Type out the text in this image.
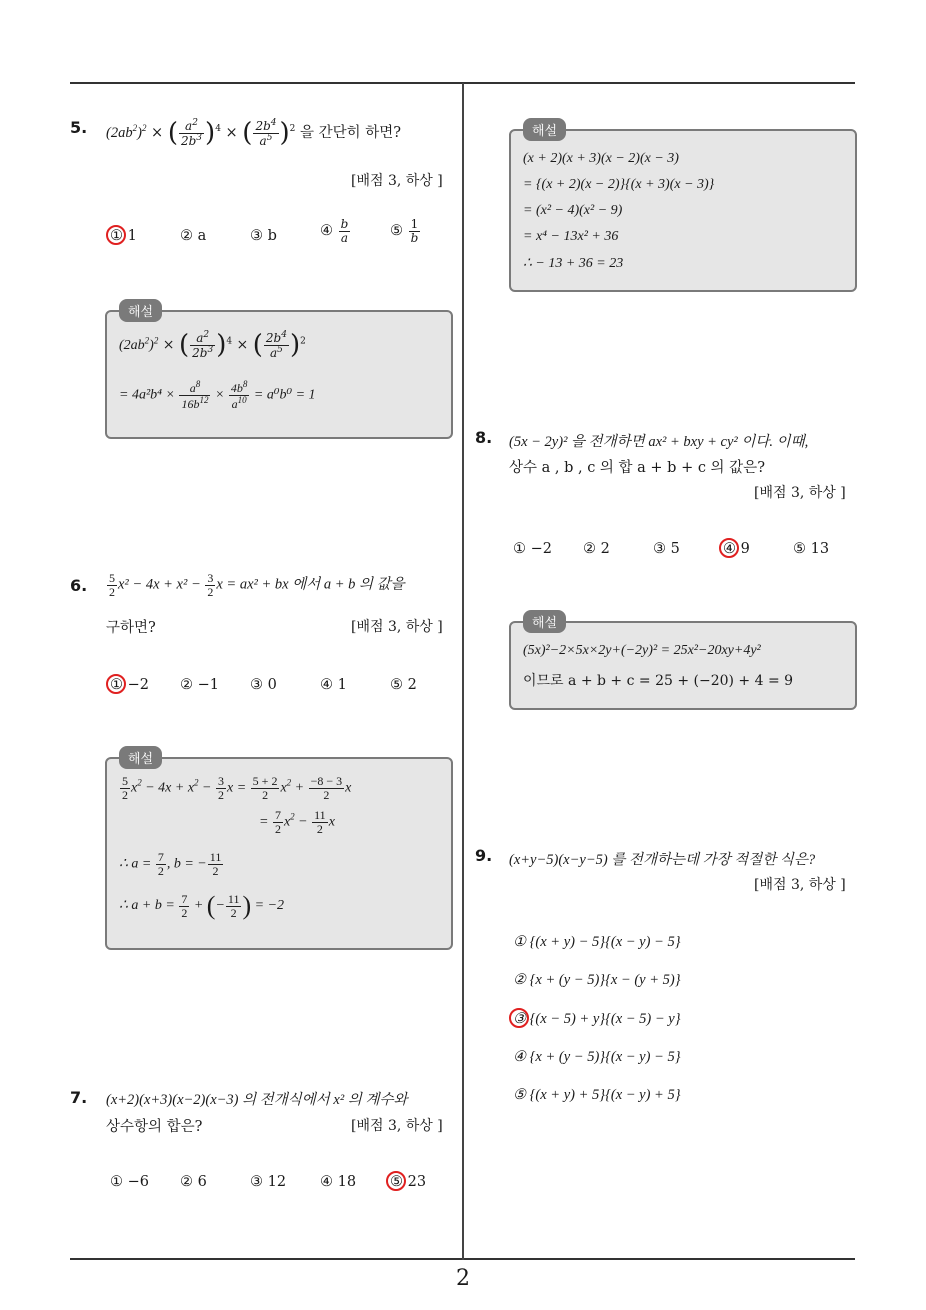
2
5. $(2ab^2)^2$ × ( $\frac{a^2}{2b^3} )^4$ × ( $\frac{2b^4}{a^5} )^2$ 을 간단히 하면?
[배점 3, 하상 ]
① 1	② a	③ b	④ $\frac{b}{a}$	⑤ $\frac{1}{b}$
해설
$(2ab^2)^2$ × ( $\frac{a^2}{2b^3} )^4$ × ( $\frac{2b^4}{a^5} )^2$
= $4a^2b^4 \times \frac{a^8}{16b^{12}} \times \frac{4b^8}{a^{10}} = a^0b^0 = 1$
6. $\frac{5}{2} x^2 - 4x + x^2 - \frac{3}{2}$ x = ax² + bx 에서 a + b 의 값을
구하면?	[배점 3, 하상 ]
① −2 ② −1 ③ 0	④ 1	⑤ 2
해설
$\frac{5}{2} x^2 - 4x + x^2 - \frac{3}{2}$ $x = \frac{5 + 2}{2} x^2 + \frac{-8 - 3}{2}$ x
= $\frac{7}{2} x^2 - \frac{11}{2}$ x
∴ $a = \frac{7}{2}$ , b = − $\frac{11}{2}$
∴ $a + b = \frac{7}{2}$ + (− $\frac{11}{2}$ ) = −2
7. (x+2)(x+3)(x−2)(x−3) 의 전개식에서 x² 의 계수와
상수항의 합은?	[배점 3, 하상 ]
① −6 ② 6	③ 12 ④ 18 ⑤ 23
해설
(x + 2)(x + 3)(x − 2)(x − 3)
= {(x + 2)(x − 2)}{(x + 3)(x − 3)}
= (x² − 4)(x² − 9)
= x⁴ − 13x² + 36
∴ − 13 + 36 = 23
8. (5x − 2y)² 을 전개하면 ax² + bxy + cy² 이다. 이때,
상수 a , b , c 의 합 a + b + c 의 값은?
[배점 3, 하상 ]
① −2 ② 2	③ 5	④ 9	⑤ 13
해설
(5x)²−2×5x×2y+(−2y)² = 25x²−20xy+4y²
이므로 a + b + c = 25 + (−20) + 4 = 9
9. (x+y−5)(x−y−5) 를 전개하는데 가장 적절한 식은?
[배점 3, 하상 ]
① {(x + y) − 5}{(x − y) − 5}
② {x + (y − 5)}{x − (y + 5)}
③ {(x − 5) + y}{(x − 5) − y}
④ {x + (y − 5)}{(x − y) − 5}
⑤ {(x + y) + 5}{(x − y) + 5}
